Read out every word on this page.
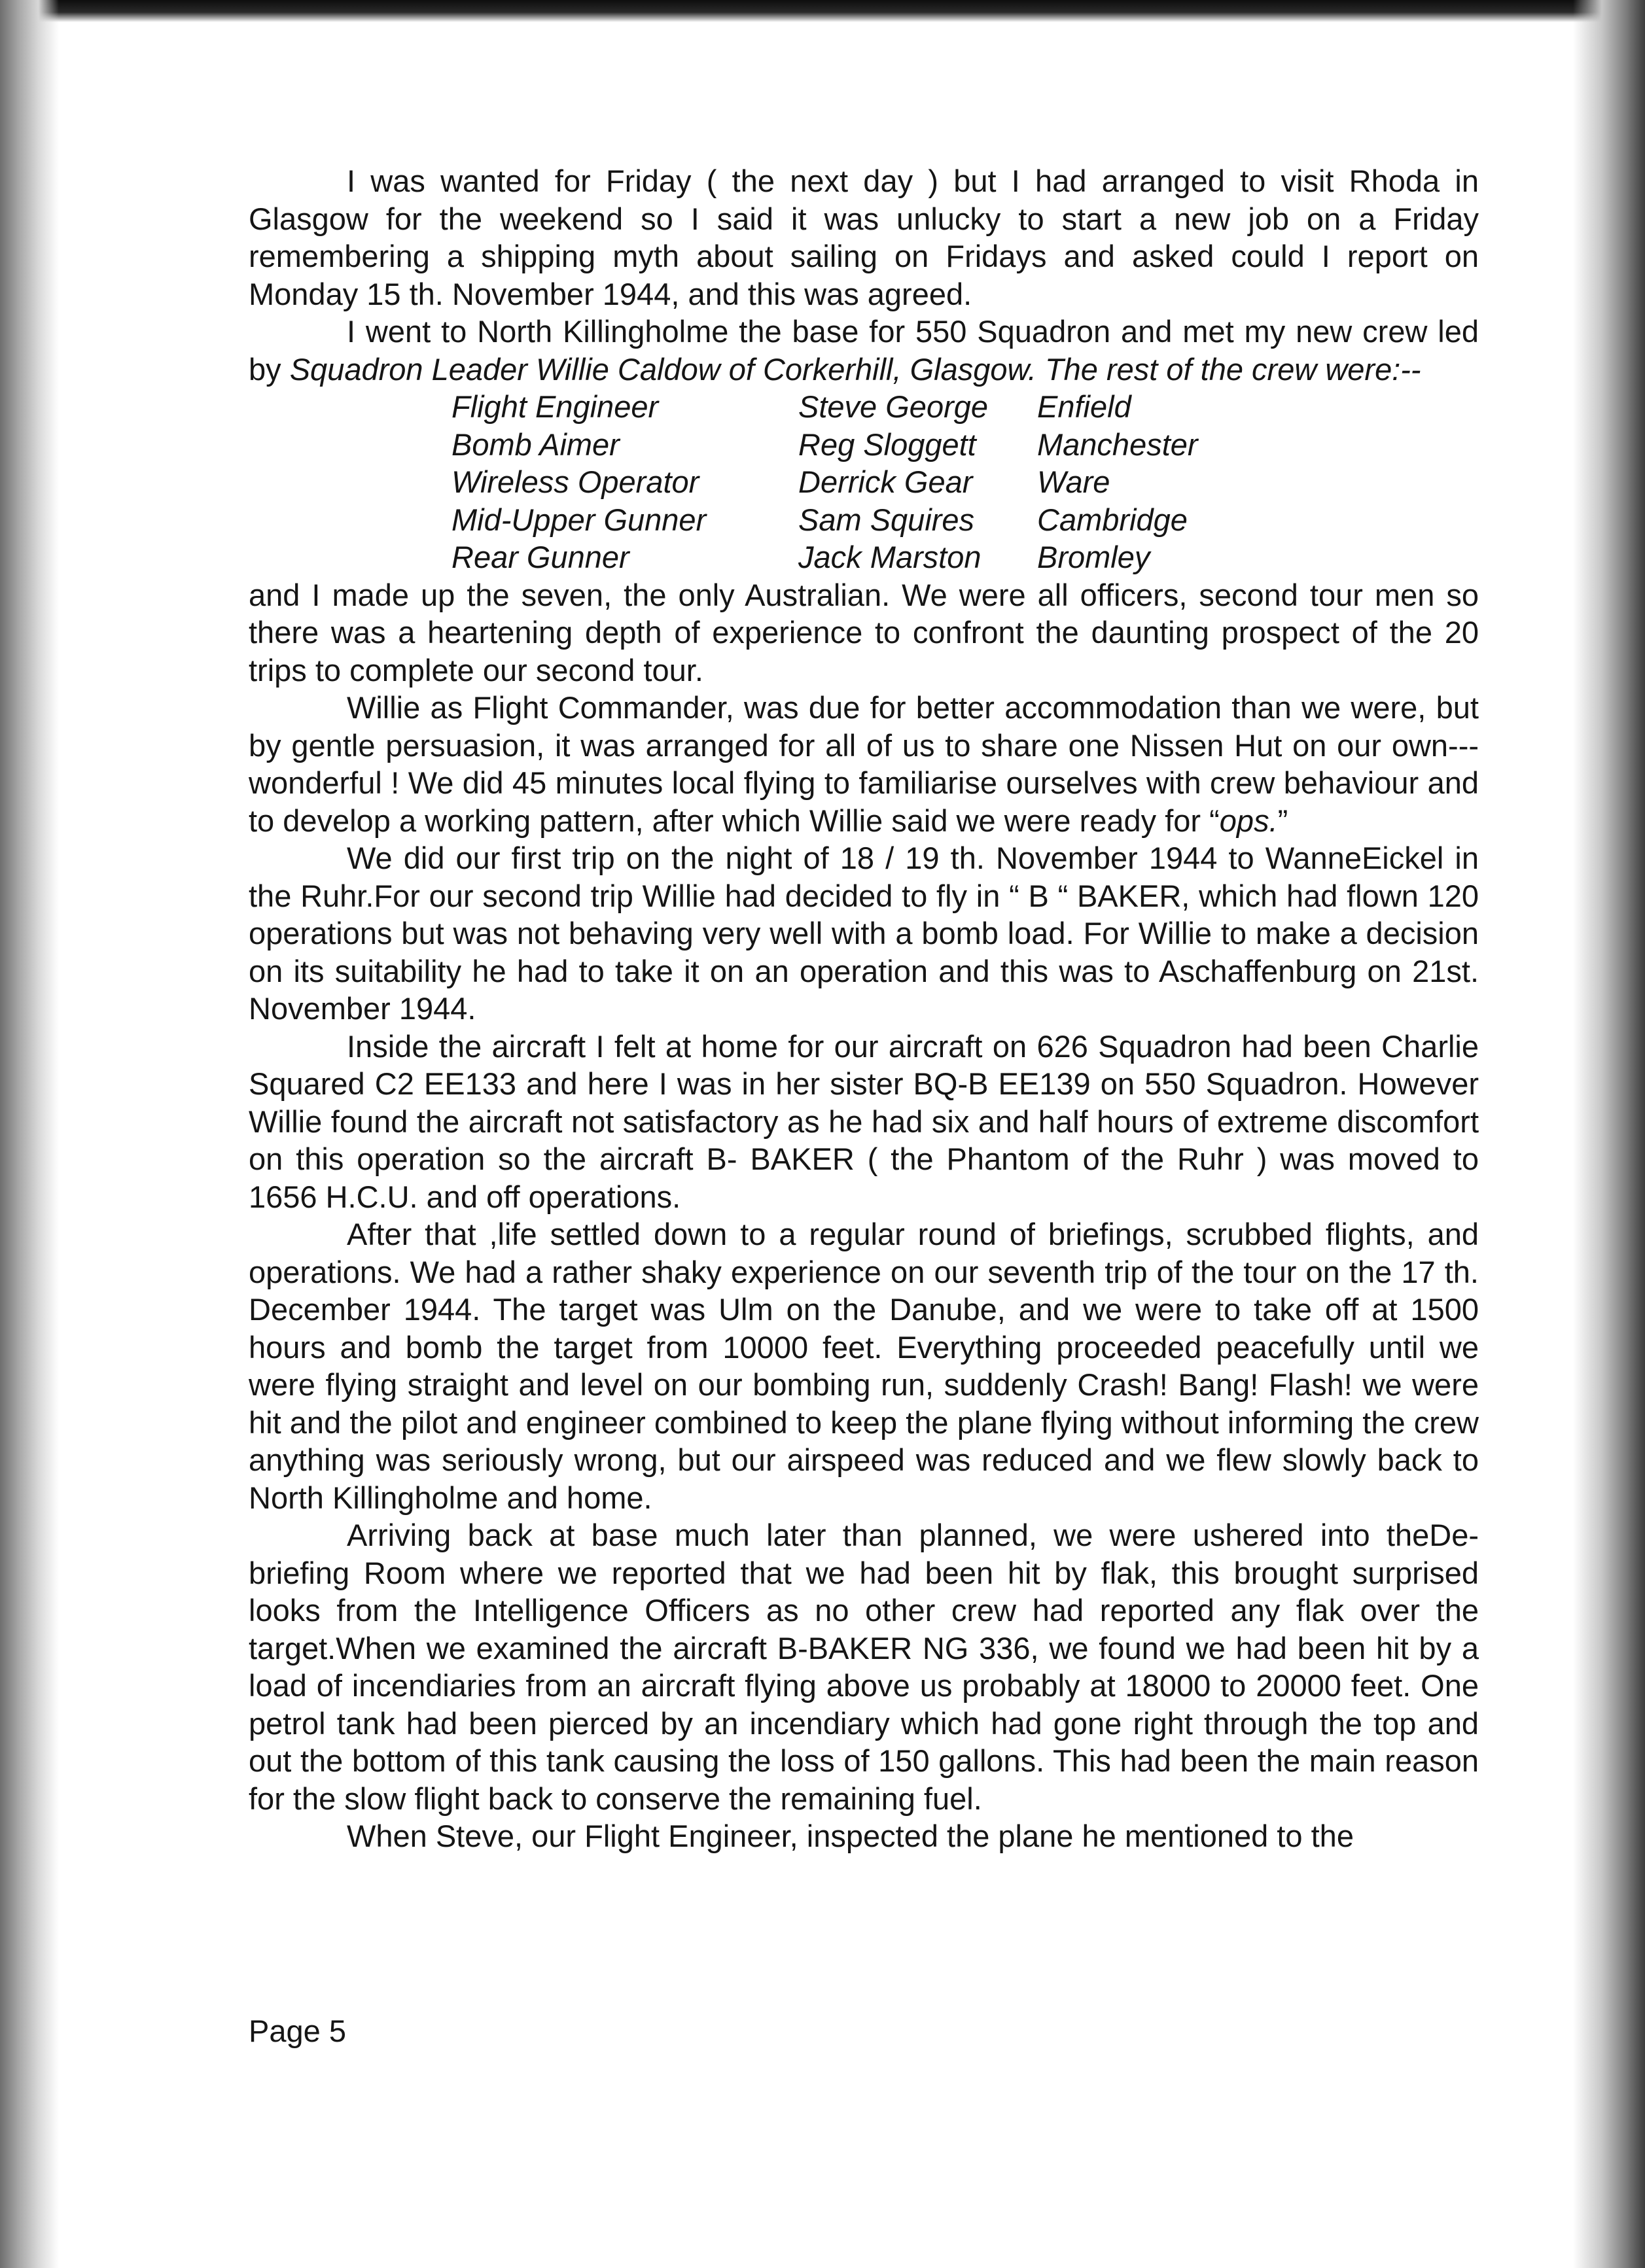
I was wanted for Friday ( the next day ) but I had arranged to visit Rhoda in Glasgow for the weekend so I said it was unlucky to start a new job on a Friday remembering a shipping myth about sailing on Fridays and asked could I report on Monday 15 th. November 1944, and this was agreed.

I went to North Killingholme the base for 550 Squadron and met my new crew led by Squadron Leader Willie Caldow of Corkerhill, Glasgow. The rest of the crew were:--

Flight Engineer	Steve George	Enfield
Bomb Aimer	Reg Sloggett	Manchester
Wireless Operator	Derrick Gear	Ware
Mid-Upper Gunner	Sam Squires	Cambridge
Rear Gunner	Jack Marston	Bromley

and I made up the seven, the only Australian. We were all officers, second tour men so there was a heartening depth of experience to confront the daunting prospect of the 20 trips to complete our second tour.

Willie as Flight Commander, was due for better accommodation than we were, but by gentle persuasion, it was arranged for all of us to share one Nissen Hut on our own---wonderful ! We did 45 minutes local flying to familiarise ourselves with crew behaviour and to develop a working pattern, after which Willie said we were ready for “ops.”

We did our first trip on the night of 18 / 19 th. November 1944 to WanneEickel in the Ruhr.For our second trip Willie had decided to fly in “ B “ BAKER, which had flown 120 operations but was not behaving very well with a bomb load. For Willie to make a decision on its suitability he had to take it on an operation and this was to Aschaffenburg on 21st. November 1944.

Inside the aircraft I felt at home for our aircraft on 626 Squadron had been Charlie Squared C2 EE133 and here I was in her sister BQ-B EE139 on 550 Squadron. However Willie found the aircraft not satisfactory as he had six and half hours of extreme discomfort on this operation so the aircraft B- BAKER ( the Phantom of the Ruhr ) was moved to 1656 H.C.U. and off operations.

After that ,life settled down to a regular round of briefings, scrubbed flights, and operations. We had a rather shaky experience on our seventh trip of the tour on the 17 th. December 1944. The target was Ulm on the Danube, and we were to take off at 1500 hours and bomb the target from 10000 feet. Everything proceeded peacefully until we were flying straight and level on our bombing run, suddenly Crash! Bang! Flash! we were hit and the pilot and engineer combined to keep the plane flying without informing the crew anything was seriously wrong, but our airspeed was reduced and we flew slowly back to North Killingholme and home.

Arriving back at base much later than planned, we were ushered into theDe-briefing Room where we reported that we had been hit by flak, this brought surprised looks from the Intelligence Officers as no other crew had reported any flak over the target.When we examined the aircraft B-BAKER NG 336, we found we had been hit by a load of incendiaries from an aircraft flying above us probably at 18000 to 20000 feet. One petrol tank had been pierced by an incendiary which had gone right through the top and out the bottom of this tank causing the loss of 150 gallons. This had been the main reason for the slow flight back to conserve the remaining fuel.

When Steve, our Flight Engineer, inspected the plane he mentioned to the

Page 5
